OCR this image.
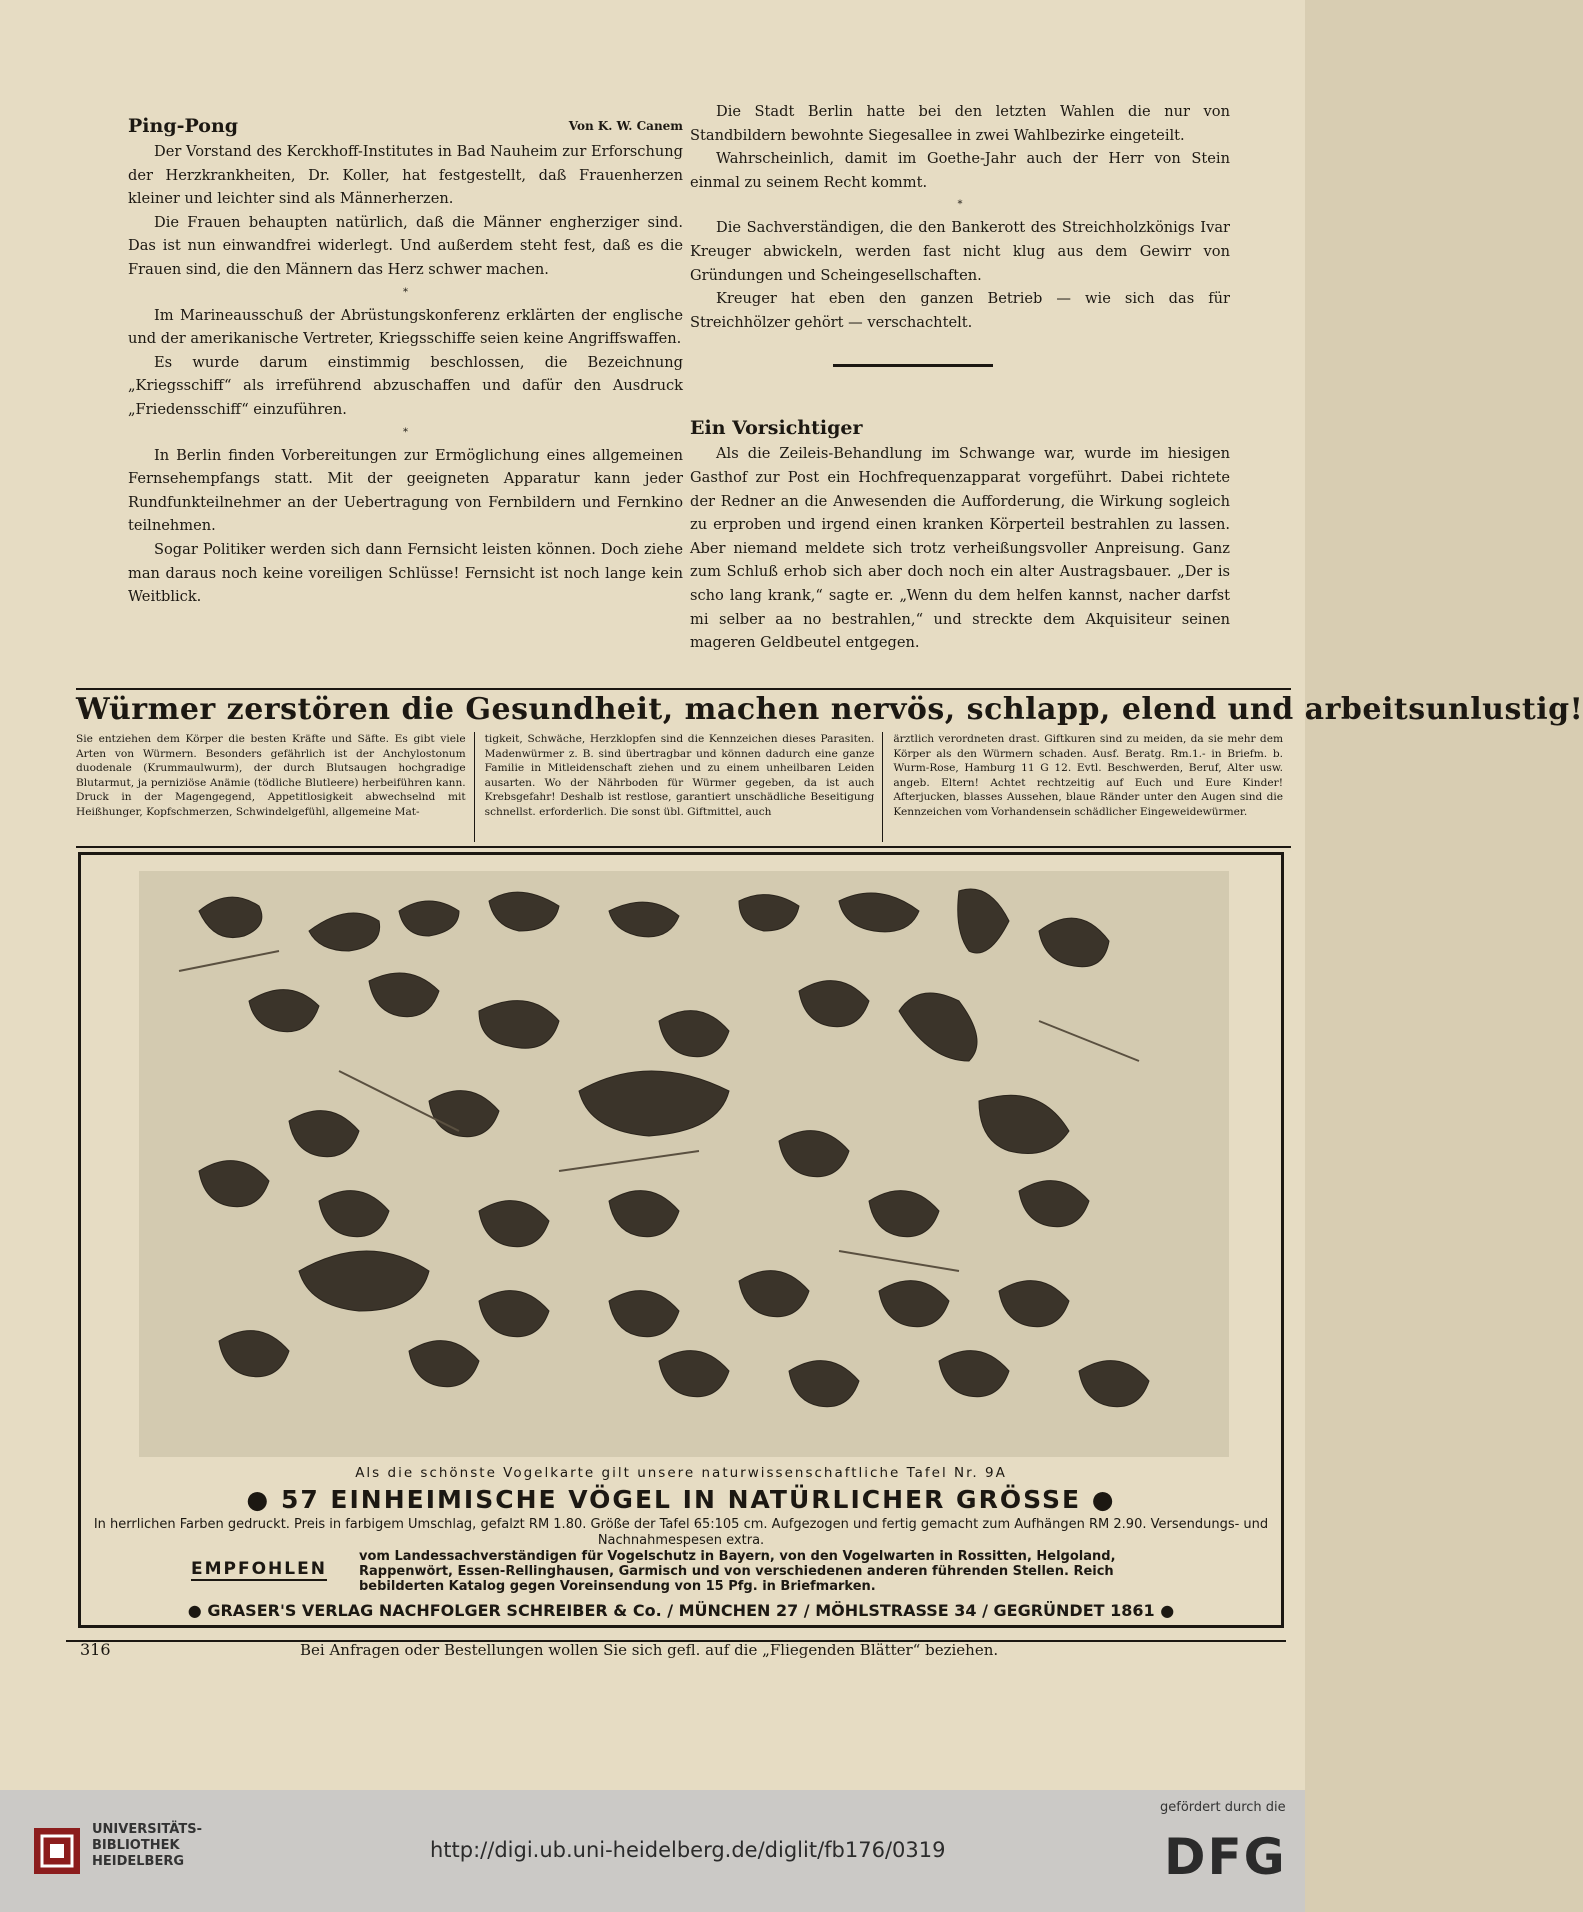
Ping-Pong	Von K. W. Canem

Der Vorstand des Kerckhoff-Institutes in Bad Nauheim zur Erforschung der Herzkrankheiten, Dr. Koller, hat festgestellt, daß Frauenherzen kleiner und leichter sind als Männerherzen.

Die Frauen behaupten natürlich, daß die Männer engherziger sind. Das ist nun einwandfrei widerlegt. Und außerdem steht fest, daß es die Frauen sind, die den Männern das Herz schwer machen.

*

Im Marineausschuß der Abrüstungskonferenz erklärten der englische und der amerikanische Vertreter, Kriegsschiffe seien keine Angriffswaffen.

Es wurde darum einstimmig beschlossen, die Bezeichnung „Kriegsschiff“ als irreführend abzuschaffen und dafür den Ausdruck „Friedensschiff“ einzuführen.

*

In Berlin finden Vorbereitungen zur Ermöglichung eines allgemeinen Fernsehempfangs statt. Mit der geeigneten Apparatur kann jeder Rundfunkteilnehmer an der Uebertragung von Fernbildern und Fernkino teilnehmen.

Sogar Politiker werden sich dann Fernsicht leisten können. Doch ziehe man daraus noch keine voreiligen Schlüsse! Fernsicht ist noch lange kein Weitblick.

Die Stadt Berlin hatte bei den letzten Wahlen die nur von Standbildern bewohnte Siegesallee in zwei Wahlbezirke eingeteilt.

Wahrscheinlich, damit im Goethe-Jahr auch der Herr von Stein einmal zu seinem Recht kommt.

*

Die Sachverständigen, die den Bankerott des Streichholzkönigs Ivar Kreuger abwickeln, werden fast nicht klug aus dem Gewirr von Gründungen und Scheingesellschaften.

Kreuger hat eben den ganzen Betrieb — wie sich das für Streichhölzer gehört — verschachtelt.

Ein Vorsichtiger

Als die Zeileis-Behandlung im Schwange war, wurde im hiesigen Gasthof zur Post ein Hochfrequenzapparat vorgeführt. Dabei richtete der Redner an die Anwesenden die Aufforderung, die Wirkung sogleich zu erproben und irgend einen kranken Körperteil bestrahlen zu lassen. Aber niemand meldete sich trotz verheißungsvoller Anpreisung. Ganz zum Schluß erhob sich aber doch noch ein alter Austragsbauer. „Der is scho lang krank,“ sagte er. „Wenn du dem helfen kannst, nacher darfst mi selber aa no bestrahlen,“ und streckte dem Akquisiteur seinen mageren Geldbeutel entgegen.

Würmer zerstören die Gesundheit, machen nervös, schlapp, elend und arbeitsunlustig!
Sie entziehen dem Körper die besten Kräfte und Säfte. Es gibt viele Arten von Würmern. Besonders gefährlich ist der Anchylostonum duodenale (Krummaulwurm), der durch Blutsaugen hochgradige Blutarmut, ja perniziöse Anämie (tödliche Blutleere) herbeiführen kann. Druck in der Magengegend, Appetitlosigkeit abwechselnd mit Heißhunger, Kopfschmerzen, Schwindelgefühl, allgemeine Mat-
tigkeit, Schwäche, Herzklopfen sind die Kennzeichen dieses Parasiten. Madenwürmer z. B. sind übertragbar und können dadurch eine ganze Familie in Mitleidenschaft ziehen und zu einem unheilbaren Leiden ausarten. Wo der Nährboden für Würmer gegeben, da ist auch Krebsgefahr! Deshalb ist restlose, garantiert unschädliche Beseitigung schnellst. erforderlich. Die sonst übl. Giftmittel, auch
ärztlich verordneten drast. Giftkuren sind zu meiden, da sie mehr dem Körper als den Würmern schaden. Ausf. Beratg. Rm.1.- in Briefm. b. Wurm-Rose, Hamburg 11 G 12. Evtl. Beschwerden, Beruf, Alter usw. angeb. Eltern! Achtet rechtzeitig auf Euch und Eure Kinder! Afterjucken, blasses Aussehen, blaue Ränder unter den Augen sind die Kennzeichen vom Vorhandensein schädlicher Eingeweidewürmer.
Als die schönste Vogelkarte gilt unsere naturwissenschaftliche Tafel Nr. 9A
● 57 EINHEIMISCHE VÖGEL IN NATÜRLICHER GRÖSSE ●
In herrlichen Farben gedruckt. Preis in farbigem Umschlag, gefalzt RM 1.80. Größe der Tafel 65:105 cm. Aufgezogen und fertig gemacht zum Aufhängen RM 2.90. Versendungs- und Nachnahmespesen extra.
EMPFOHLEN
vom Landessachverständigen für Vogelschutz in Bayern, von den Vogelwarten in Rossitten, Helgoland, Rappenwört, Essen-Rellinghausen, Garmisch und von verschiedenen anderen führenden Stellen. Reich bebilderten Katalog gegen Voreinsendung von 15 Pfg. in Briefmarken.
● GRASER'S VERLAG NACHFOLGER SCHREIBER & Co. / MÜNCHEN 27 / MÖHLSTRASSE 34 / GEGRÜNDET 1861 ●
316	Bei Anfragen oder Bestellungen wollen Sie sich gefl. auf die „Fliegenden Blätter“ beziehen.
UNIVERSITÄTS-
BIBLIOTHEK
HEIDELBERG	http://digi.ub.uni-heidelberg.de/diglit/fb176/0319
gefördert durch die
DFG
